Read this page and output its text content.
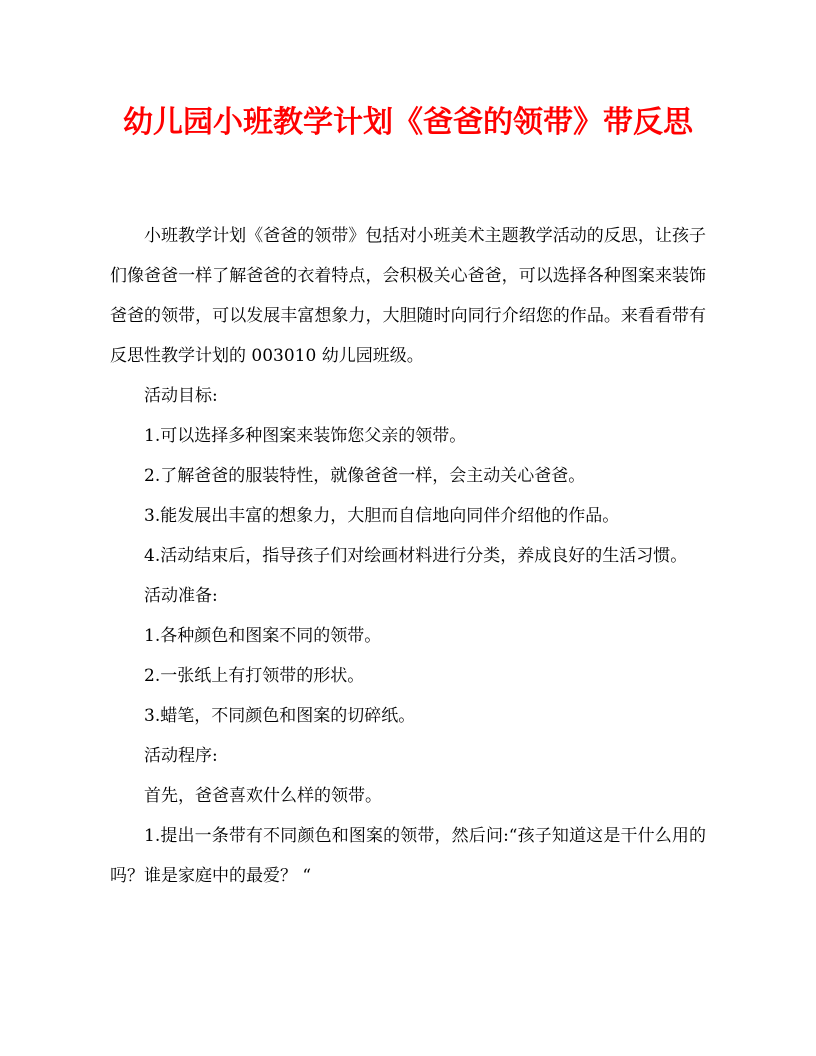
幼儿园小班教学计划《爸爸的领带》带反思

小班教学计划《爸爸的领带》包括对小班美术主题教学活动的反思，让孩子们像爸爸一样了解爸爸的衣着特点，会积极关心爸爸，可以选择各种图案来装饰爸爸的领带，可以发展丰富想象力，大胆随时向同行介绍您的作品。来看看带有反思性教学计划的 003010 幼儿园班级。

活动目标:

1.可以选择多种图案来装饰您父亲的领带。

2.了解爸爸的服装特性，就像爸爸一样，会主动关心爸爸。

3.能发展出丰富的想象力，大胆而自信地向同伴介绍他的作品。

4.活动结束后，指导孩子们对绘画材料进行分类，养成良好的生活习惯。

活动准备:

1.各种颜色和图案不同的领带。

2.一张纸上有打领带的形状。

3.蜡笔，不同颜色和图案的切碎纸。

活动程序:

首先，爸爸喜欢什么样的领带。

1.提出一条带有不同颜色和图案的领带，然后问:“孩子知道这是干什么用的吗？谁是家庭中的最爱？ “
